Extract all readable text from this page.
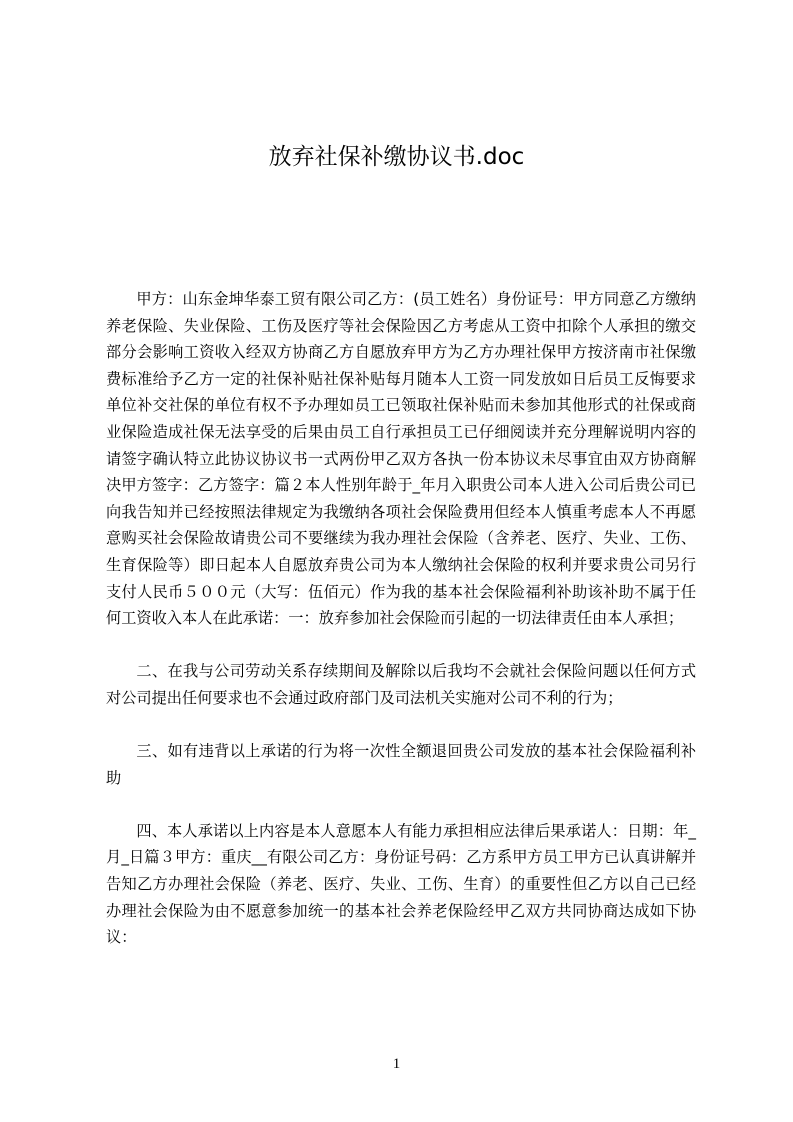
放弃社保补缴协议书.doc

甲方：山东金坤华泰工贸有限公司乙方：(员工姓名）身份证号：甲方同意乙方缴纳养老保险、失业保险、工伤及医疗等社会保险因乙方考虑从工资中扣除个人承担的缴交部分会影响工资收入经双方协商乙方自愿放弃甲方为乙方办理社保甲方按济南市社保缴费标准给予乙方一定的社保补贴社保补贴每月随本人工资一同发放如日后员工反悔要求单位补交社保的单位有权不予办理如员工已领取社保补贴而未参加其他形式的社保或商业保险造成社保无法享受的后果由员工自行承担员工已仔细阅读并充分理解说明内容的请签字确认特立此协议协议书一式两份甲乙双方各执一份本协议未尽事宜由双方协商解决甲方签字：乙方签字：篇２本人性别年龄于_年月入职贵公司本人进入公司后贵公司已向我告知并已经按照法律规定为我缴纳各项社会保险费用但经本人慎重考虑本人不再愿意购买社会保险故请贵公司不要继续为我办理社会保险（含养老、医疗、失业、工伤、生育保险等）即日起本人自愿放弃贵公司为本人缴纳社会保险的权利并要求贵公司另行支付人民币５００元（大写：伍佰元）作为我的基本社会保险福利补助该补助不属于任何工资收入本人在此承诺：一：放弃参加社会保险而引起的一切法律责任由本人承担；

二、在我与公司劳动关系存续期间及解除以后我均不会就社会保险问题以任何方式对公司提出任何要求也不会通过政府部门及司法机关实施对公司不利的行为；

三、如有违背以上承诺的行为将一次性全额退回贵公司发放的基本社会保险福利补助

四、本人承诺以上内容是本人意愿本人有能力承担相应法律后果承诺人：日期：年_月_日篇３甲方：重庆__有限公司乙方：身份证号码：乙方系甲方员工甲方已认真讲解并告知乙方办理社会保险（养老、医疗、失业、工伤、生育）的重要性但乙方以自己已经办理社会保险为由不愿意参加统一的基本社会养老保险经甲乙双方共同协商达成如下协议：

1
